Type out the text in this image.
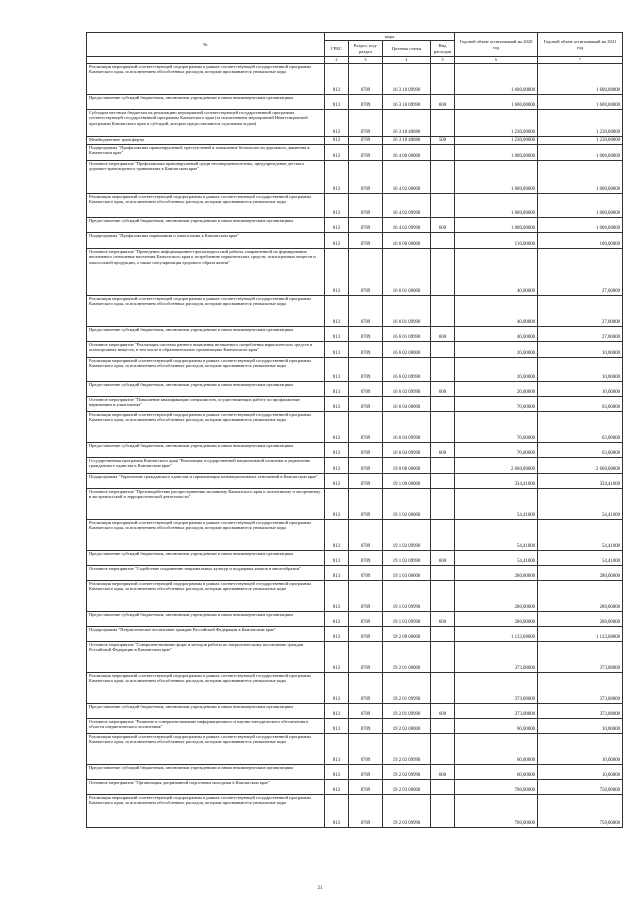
№	коды				Годовой объем ассигнований на 2020 год	Годовой объем ассигнований на 2021 год	
	ГРБС	Раздел, под-раздел	Целевая статья	Вид расходов			
.	2	3	4	5	6	7	
Реализация мероприятий соответствующей подпрограммы в рамках соответствующей государственной программы Камчатского края, за исключением обособленных расходов, которым присваиваются уникальные коды	813	0709	16 3 10 09990		1 600,00000	1 600,00000	
Предоставление субсидий бюджетным, автономным учреждениям и иным некоммерческим организациям	813	0709	16 3 10 09990	600	1 600,00000	1 600,00000	
Субсидии местным бюджетам на реализацию мероприятий соответствующей государственной программы соответствующей государственной программы Камчатского края (за исключением мероприятий Инвестиционной программы Камчатского края и субсидий, которые предоставляются отдельным кодом)	813	0709	16 3 10 40080		1 230,00000	1 230,00000	
Межбюджетные трансферты	813	0709	16 3 10 40080	500	1 230,00000	1 230,00000	
Подпрограмма "Профилактика правонарушений, преступлений и повышение безопасности дорожного движения в Камчатском крае"	813	0709	16 4 00 00000		1 000,00000	1 000,00000	
Основное мероприятие "Профилактика правонарушений среди несовершеннолетних, предупреждение детского дорожно-транспортного травматизма в Камчатском крае"	813	0709	16 4 02 00000		1 000,00000	1 000,00000	
Реализация мероприятий соответствующей подпрограммы в рамках соответствующей государственной программы Камчатского края, за исключением обособленных расходов, которым присваиваются уникальные коды	813	0709	16 4 02 09990		1 000,00000	1 000,00000	
Предоставление субсидий бюджетным, автономным учреждениям и иным некоммерческим организациям	813	0709	16 4 02 09990	600	1 000,00000	1 000,00000	
Подпрограмма "Профилактика наркомании и алкоголизма в Камчатском крае"	813	0709	16 6 00 00000		130,00000	100,00000	
Основное мероприятие "Проведение информационно-пропагандистской работы, направленной на формирование негативного отношения населения Камчатского края к потреблению наркотических средств, психотропных веществ и алкогольной продукции, а также популяризация здорового образа жизни"	813	0709	16 6 01 00000		40,00000	27,00000	
Реализация мероприятий соответствующей подпрограммы в рамках соответствующей государственной программы Камчатского края, за исключением обособленных расходов, которым присваиваются уникальные коды	813	0709	16 6 01 09990		40,00000	27,00000	
Предоставление субсидий бюджетным, автономным учреждениям и иным некоммерческим организациям	813	0709	16 6 01 09990	600	40,00000	27,00000	
Основное мероприятие "Реализация системы раннего выявления незаконного потребления наркотических средств и психотропных веществ, в том числе в образовательных организациях Камчатского края"	813	0709	16 6 02 00000		20,00000	10,00000	
Реализация мероприятий соответствующей подпрограммы в рамках соответствующей государственной программы Камчатского края, за исключением обособленных расходов, которым присваиваются уникальные коды	813	0709	16 6 02 09990		20,00000	10,00000	
Предоставление субсидий бюджетным, автономным учреждениям и иным некоммерческим организациям	813	0709	16 6 02 09990	600	20,00000	10,00000	
Основное мероприятие "Повышение квалификации специалистов, осуществляющих работу по профилактике наркомании и алкоголизма"	813	0709	16 6 04 00000		70,00000	63,00000	
Реализация мероприятий соответствующей подпрограммы в рамках соответствующей государственной программы Камчатского края, за исключением обособленных расходов, которым присваиваются уникальные коды	813	0709	16 6 04 09990		70,00000	63,00000	
Предоставление субсидий бюджетным, автономным учреждениям и иным некоммерческим организациям	813	0709	16 6 04 09990	600	70,00000	63,00000	
Государственная программа Камчатского края "Реализация государственной национальной политики и укрепление гражданского единства в Камчатском крае"	813	0709	19 0 00 00000		2 660,00000	2 660,00000	
Подпрограмма "Укрепление гражданского единства и гармонизация межнациональных отношений в Камчатском крае"	813	0709	19 1 00 00000		334,41000	334,41000	
Основное мероприятие "Противодействие распространению меланизму Камчатского края к полиэтнизму и экстремизму в экстремистской и террористической деятельности"	813	0709	19 1 02 00000		54,41000	54,41000	
Реализация мероприятий соответствующей подпрограммы в рамках соответствующей государственной программы Камчатского края, за исключением обособленных расходов, которым присваиваются уникальные коды	813	0709	19 1 02 09990		54,41000	54,41000	
Предоставление субсидий бюджетным, автономным учреждениям и иным некоммерческим организациям	813	0709	19 1 02 09990	600	54,41000	54,41000	
Основное мероприятие "Содействие сохранению национальных культур и поддержка языков в многообразии"	813	0709	19 1 03 00000		280,00000	280,00000	
Реализация мероприятий соответствующей подпрограммы в рамках соответствующей государственной программы Камчатского края, за исключением обособленных расходов, которым присваиваются уникальные коды	813	0709	19 1 03 09990		280,00000	280,00000	
Предоставление субсидий бюджетным, автономным учреждениям и иным некоммерческим организациям	813	0709	19 1 03 09990	600	280,00000	280,00000	
Подпрограмма "Патриотическое воспитание граждан Российской Федерации в Камчатском крае"	813	0709	19 2 00 00000		1 133,08000	1 133,08000	
Основное мероприятие "Совершенствование форм и методов работы по патриотическому воспитанию граждан Российской Федерации в Камчатском крае"	813	0709	19 2 01 00000		373,08000	373,08000	
Реализация мероприятий соответствующей подпрограммы в рамках соответствующей государственной программы Камчатского края, за исключением обособленных расходов, которым присваиваются уникальные коды	813	0709	19 2 01 09990		373,08000	373,08000	
Предоставление субсидий бюджетным, автономным учреждениям и иным некоммерческим организациям	813	0709	19 2 01 09990	600	373,08000	373,08000	
Основное мероприятие "Развитие и совершенствование информационного и научно-методического обеспечения в области патриотического воспитания"	813	0709	19 2 02 00000		60,00000	10,00000	
Реализация мероприятий соответствующей подпрограммы в рамках соответствующей государственной программы Камчатского края, за исключением обособленных расходов, которым присваиваются уникальные коды	813	0709	19 2 02 09990		60,00000	10,00000	
Предоставление субсидий бюджетным, автономным учреждениям и иным некоммерческим организациям	813	0709	19 2 02 09990	600	60,00000	10,00000	
Основное мероприятие "Организация допризывной подготовки молодежи в Камчатском крае"	813	0709	19 2 03 00000		700,00000	750,00000	
Реализация мероприятий соответствующей подпрограммы в рамках соответствующей государственной программы Камчатского края, за исключением обособленных расходов, которым присваиваются уникальные коды	813	0709	19 2 03 09990		700,00000	750,00000	
21
